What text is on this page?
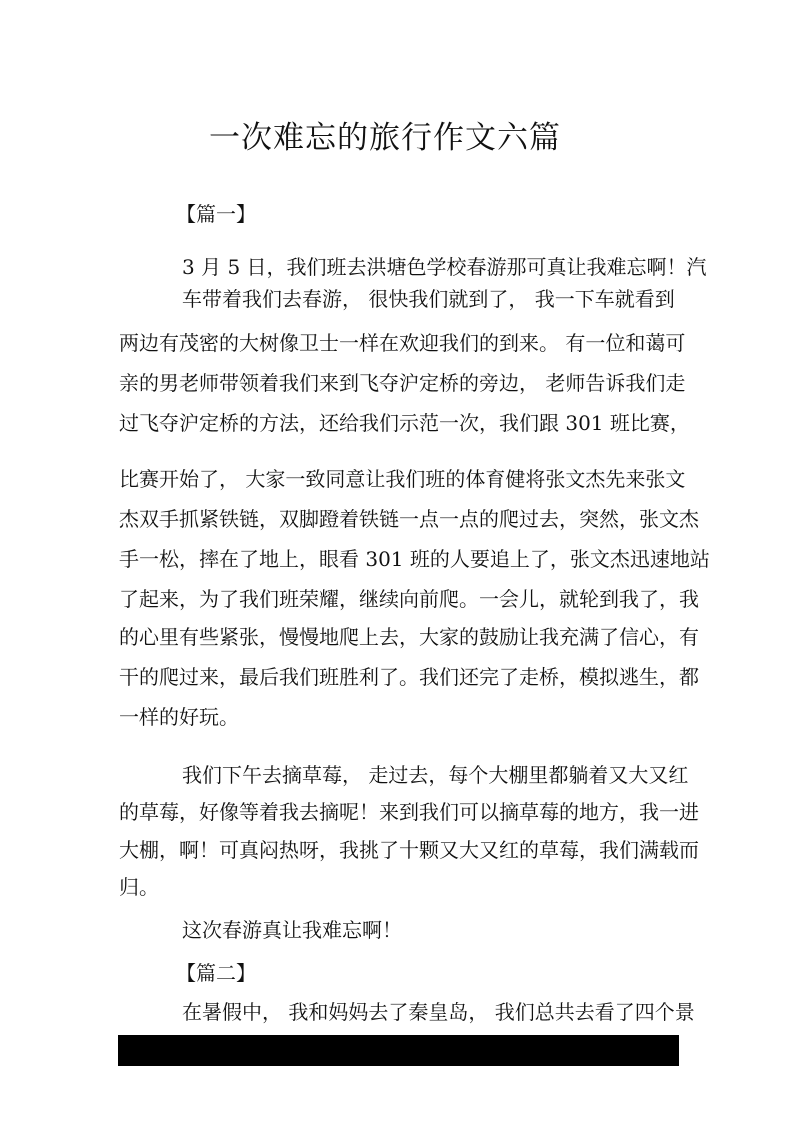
一次难忘的旅行作文六篇
【篇一】
3 月 5 日，我们班去洪塘色学校春游那可真让我难忘啊！汽
车带着我们去春游， 很快我们就到了， 我一下车就看到
两边有茂密的大树像卫士一样在欢迎我们的到来。 有一位和蔼可
亲的男老师带领着我们来到飞夺沪定桥的旁边， 老师告诉我们走
过飞夺沪定桥的方法，还给我们示范一次，我们跟 301 班比赛，
比赛开始了， 大家一致同意让我们班的体育健将张文杰先来张文
杰双手抓紧铁链，双脚蹬着铁链一点一点的爬过去，突然，张文杰
手一松，摔在了地上，眼看 301 班的人要追上了，张文杰迅速地站
了起来，为了我们班荣耀，继续向前爬。一会儿，就轮到我了，我
的心里有些紧张，慢慢地爬上去，大家的鼓励让我充满了信心，有
干的爬过来，最后我们班胜利了。我们还完了走桥，模拟逃生，都
一样的好玩。
我们下午去摘草莓， 走过去，每个大棚里都躺着又大又红
的草莓，好像等着我去摘呢！来到我们可以摘草莓的地方，我一进
大棚，啊！可真闷热呀，我挑了十颗又大又红的草莓，我们满载而
归。
这次春游真让我难忘啊！
【篇二】
在暑假中， 我和妈妈去了秦皇岛， 我们总共去看了四个景
